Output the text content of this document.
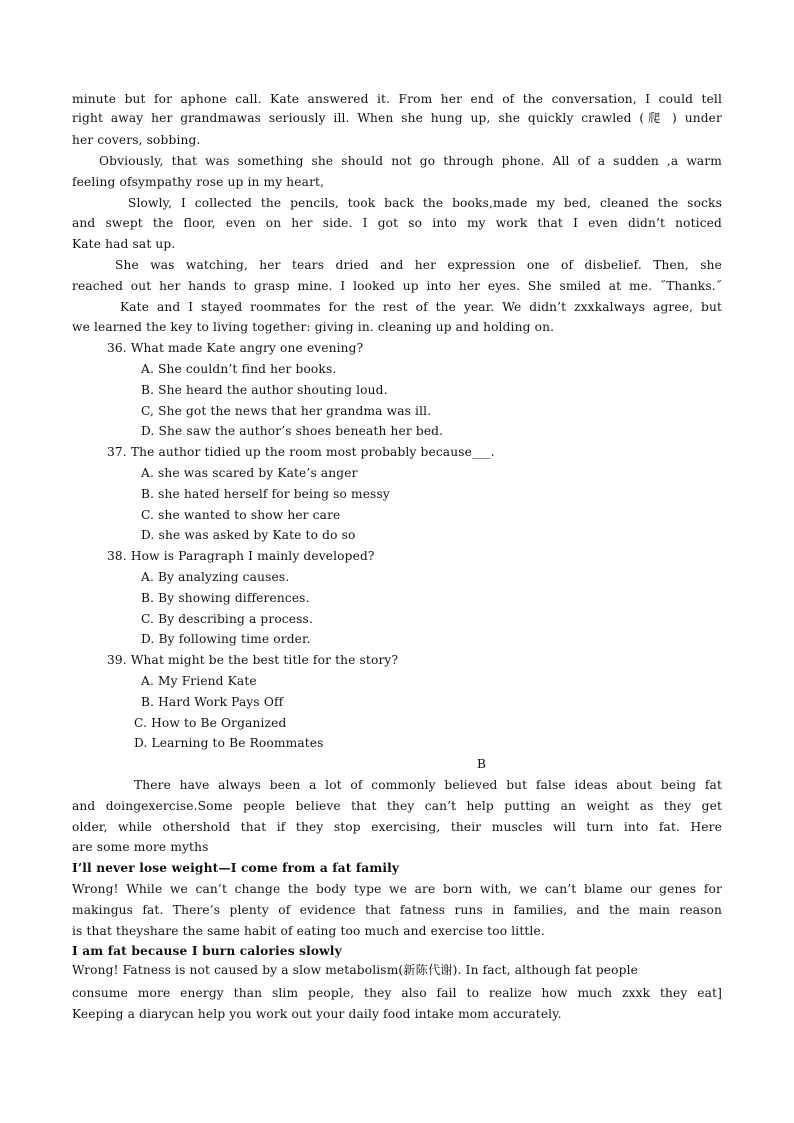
minute but for aphone call. Kate answered it. From her end of the conversation, I could tell
right away her grandmawas seriously ill. When she hung up, she quickly crawled (爬 ) under
her covers, sobbing.
Obviously, that was something she should not go through phone. All of a sudden ,a warm
feeling ofsympathy rose up in my heart,
Slowly, I collected the pencils, took back the books,made my bed, cleaned the socks
and swept the floor, even on her side. I got so into my work that I even didn’t noticed
Kate had sat up.
She was watching, her tears dried and her expression one of disbelief. Then, she
reached out her hands to grasp mine. I looked up into her eyes. She smiled at me. ˝Thanks.˝
Kate and I stayed roommates for the rest of the year. We didn’t zxxkalways agree, but
we learned the key to living together: giving in. cleaning up and holding on.
36. What made Kate angry one evening?
A. She couldn’t find her books.
B. She heard the author shouting loud.
C, She got the news that her grandma was ill.
D. She saw the author’s shoes beneath her bed.
37. The author tidied up the room most probably because___.
A. she was scared by Kate’s anger
B. she hated herself for being so messy
C. she wanted to show her care
D. she was asked by Kate to do so
38. How is Paragraph I mainly developed?
A. By analyzing causes.
B. By showing differences.
C. By describing a process.
D. By following time order.
39. What might be the best title for the story?
A. My Friend Kate
B. Hard Work Pays Off
C. How to Be Organized
D. Learning to Be Roommates
B
There have always been a lot of commonly believed but false ideas about being fat
and doingexercise.Some people believe that they can’t help putting an weight as they get
older, while othershold that if they stop exercising, their muscles will turn into fat. Here
are some more myths
I’ll never lose weight—I come from a fat family
Wrong! While we can’t change the body type we are born with, we can’t blame our genes for
makingus fat. There’s plenty of evidence that fatness runs in families, and the main reason
is that theyshare the same habit of eating too much and exercise too little.
I am fat because I burn calories slowly
Wrong! Fatness is not caused by a slow metabolism(新陈代谢). In fact, although fat people
consume more energy than slim people, they also fail to realize how much zxxk they eat]
Keeping a diarycan help you work out your daily food intake mom accurately.
